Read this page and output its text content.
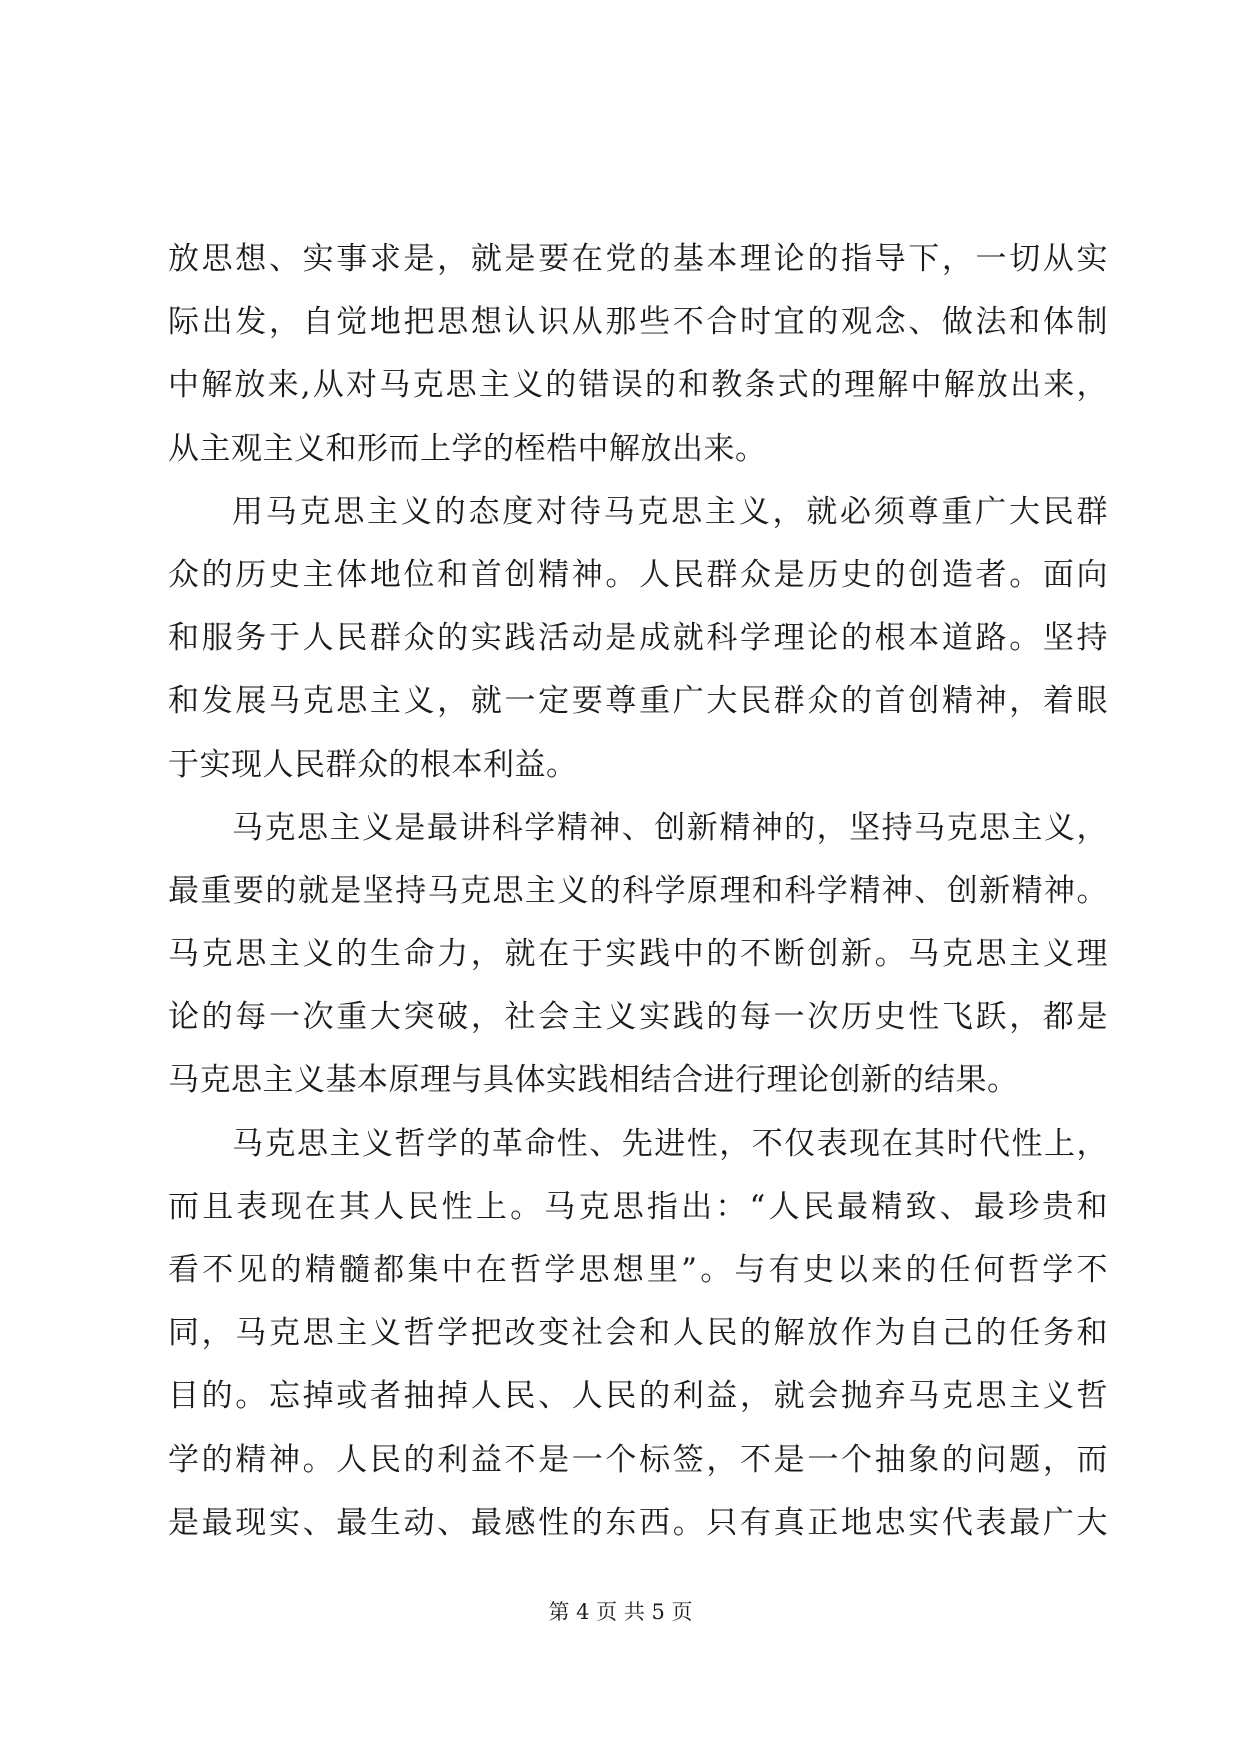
放思想、实事求是，就是要在党的基本理论的指导下，一切从实
际出发，自觉地把思想认识从那些不合时宜的观念、做法和体制
中解放来,从对马克思主义的错误的和教条式的理解中解放出来，
从主观主义和形而上学的桎梏中解放出来。
用马克思主义的态度对待马克思主义，就必须尊重广大民群
众的历史主体地位和首创精神。人民群众是历史的创造者。面向
和服务于人民群众的实践活动是成就科学理论的根本道路。坚持
和发展马克思主义，就一定要尊重广大民群众的首创精神，着眼
于实现人民群众的根本利益。
马克思主义是最讲科学精神、创新精神的，坚持马克思主义，
最重要的就是坚持马克思主义的科学原理和科学精神、创新精神。
马克思主义的生命力，就在于实践中的不断创新。马克思主义理
论的每一次重大突破，社会主义实践的每一次历史性飞跃，都是
马克思主义基本原理与具体实践相结合进行理论创新的结果。
马克思主义哲学的革命性、先进性，不仅表现在其时代性上，
而且表现在其人民性上。马克思指出：“人民最精致、最珍贵和
看不见的精髓都集中在哲学思想里”。与有史以来的任何哲学不
同，马克思主义哲学把改变社会和人民的解放作为自己的任务和
目的。忘掉或者抽掉人民、人民的利益，就会抛弃马克思主义哲
学的精神。人民的利益不是一个标签，不是一个抽象的问题，而
是最现实、最生动、最感性的东西。只有真正地忠实代表最广大
第 4 页 共 5 页
